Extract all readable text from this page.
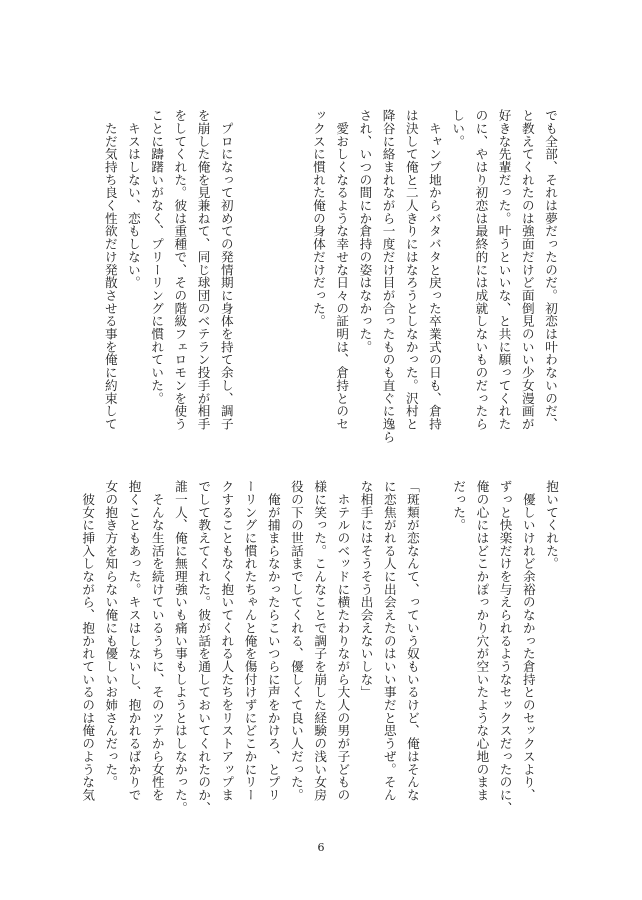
でも全部、それは夢だったのだ。初恋は叶わないのだ、

と教えてくれたのは強面だけど面倒見のいい少女漫画が

好きな先輩だった。叶うといいな、と共に願ってくれた

のに、やはり初恋は最終的には成就しないものだったら

しい。

　キャンプ地からバタバタと戻った卒業式の日も、倉持

は決して俺と二人きりにはなろうとしなかった。沢村と

降谷に絡まれながら一度だけ目が合ったものも直ぐに逸ら

され、いつの間にか倉持の姿はなかった。

　愛おしくなるような幸せな日々の証明は、倉持とのセ

ックスに慣れた俺の身体だけだった。

　プロになって初めての発情期に身体を持て余し、調子

を崩した俺を見兼ねて、同じ球団のベテラン投手が相手

をしてくれた。彼は重種で、その階級フェロモンを使う

ことに躊躇いがなく、プリーリングに慣れていた。

　キスはしない、恋もしない。

　ただ気持ち良く性欲だけ発散させる事を俺に約束して

抱いてくれた。

　優しいけれど余裕のなかった倉持とのセックスより、

ずっと快楽だけを与えられるようなセックスだったのに、

俺の心にはどこかぽっかり穴が空いたような心地のまま

だった。

「斑類が恋なんて、っていう奴もいるけど、俺はそんな

に恋焦がれる人に出会えたのはいい事だと思うぜ。そん

な相手にはそうそう出会えないしな」

　ホテルのベッドに横たわりながら大人の男が子どもの

様に笑った。こんなことで調子を崩した経験の浅い女房

役の下の世話までしてくれる、優しくて良い人だった。

　俺が捕まらなかったらこいつらに声をかけろ、とプリ

ーリングに慣れたちゃんと俺を傷付けずにどこかにリー

クすることもなく抱いてくれる人たちをリストアップま

でして教えてくれた。彼が話を通しておいてくれたのか、

誰一人、俺に無理強いも痛い事もしようとはしなかった。

　そんな生活を続けているうちに、そのツテから女性を

抱くこともあった。キスはしないし、抱かれるばかりで

女の抱き方を知らない俺にも優しいお姉さんだった。

　彼女に挿入しながら、抱かれているのは俺のような気

6
